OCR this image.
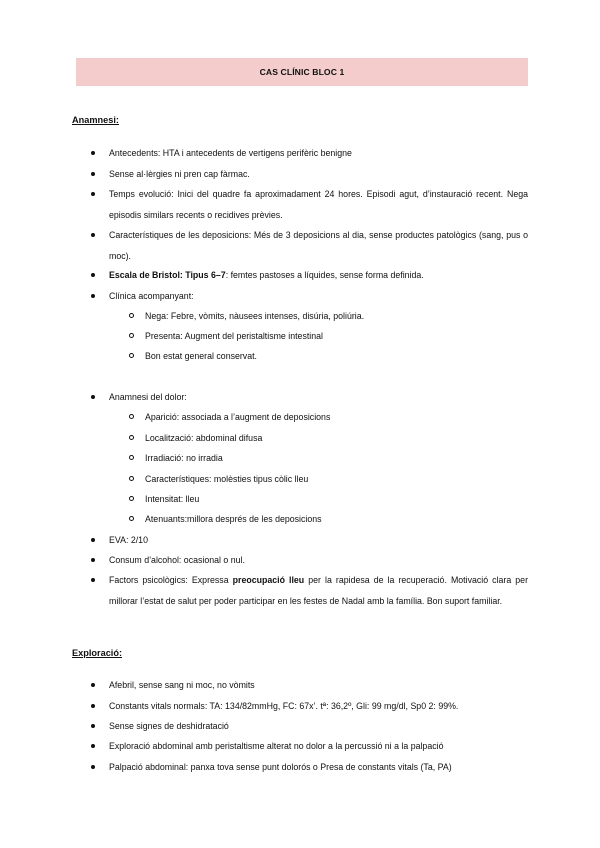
CAS CLÍNIC BLOC 1
Anamnesi:
Antecedents: HTA i antecedents de vertigens perifèric benigne
Sense al·lèrgies ni pren cap fàrmac.
Temps evolució: Inici del quadre fa aproximadament 24 hores. Episodi agut, d’instauració recent. Nega episodis similars recents o recidives prèvies.
Característiques de les deposicions: Més de 3 deposicions al dia, sense productes patològics (sang, pus o moc).
Escala de Bristol: Tipus 6–7: femtes pastoses a líquides, sense forma definida.
Clínica acompanyant:
Nega: Febre, vòmits, nàusees intenses, disúria, poliúria.
Presenta: Augment del peristaltisme intestinal
Bon estat general conservat.
Anamnesi del dolor:
Aparició: associada a l’augment de deposicions
Localització: abdominal difusa
Irradiació: no irradia
Característiques: molèsties tipus còlic lleu
Intensitat: lleu
Atenuants:millora després de les deposicions
EVA: 2/10
Consum d’alcohol: ocasional o nul.
Factors psicològics: Expressa preocupació lleu per la rapidesa de la recuperació. Motivació clara per millorar l’estat de salut per poder participar en les festes de Nadal amb la família. Bon suport familiar.
Exploració:
Afebril, sense sang ni moc, no vòmits
Constants vitals normals: TA: 134/82mmHg, FC: 67x’. tª: 36,2º, Gli: 99 mg/dl, Sp0 2: 99%.
Sense signes de deshidratació
Exploració abdominal amb peristaltisme alterat no dolor a la percussió ni a la palpació
Palpació abdominal: panxa tova sense punt dolorós o Presa de constants vitals (Ta, PA)
